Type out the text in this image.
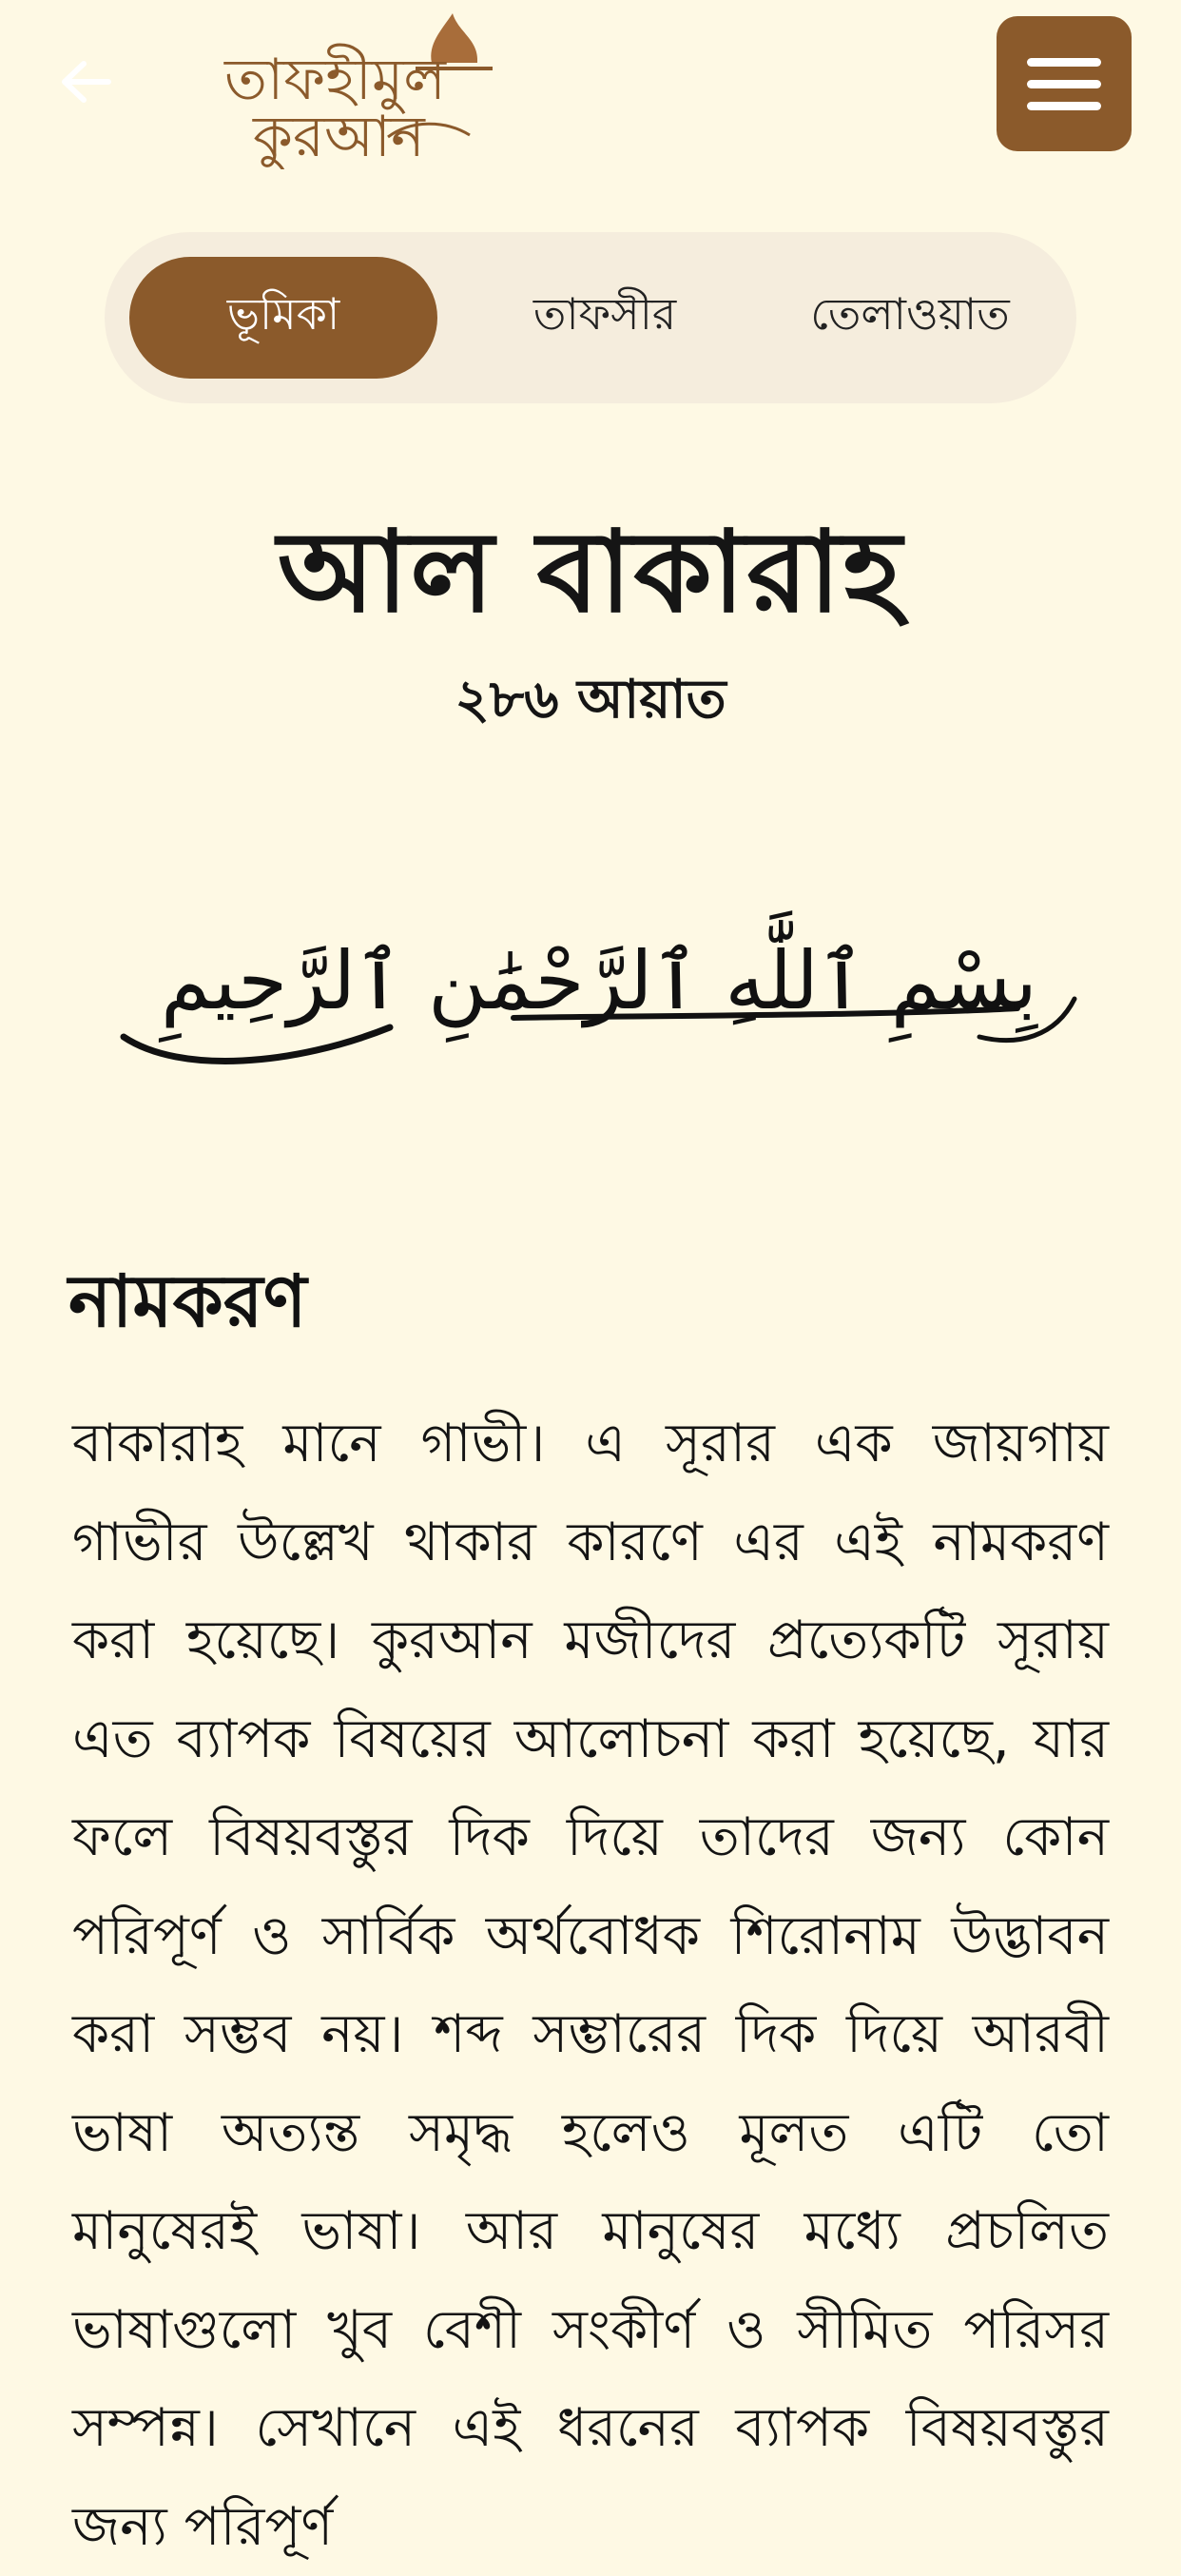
তাফহীমুল
কুরআন
ভূমিকা	তাফসীর	তেলাওয়াত
আল বাকারাহ
২৮৬ আয়াত
بِسْمِ ٱللَّٰهِ ٱلرَّحْمَٰنِ ٱلرَّحِيمِ
নামকরণ

বাকারাহ মানে গাভী। এ সূরার এক জায়গায় গাভীর উল্লেখ থাকার কারণে এর এই নামকরণ করা হয়েছে। কুরআন মজীদের প্রত্যেকটি সূরায় এত ব্যাপক বিষয়ের আলোচনা করা হয়েছে, যার ফলে বিষয়বস্তুর দিক দিয়ে তাদের জন্য কোন পরিপূর্ণ ও সার্বিক অর্থবোধক শিরোনাম উদ্ভাবন করা সম্ভব নয়। শব্দ সম্ভারের দিক দিয়ে আরবী ভাষা অত্যন্ত সমৃদ্ধ হলেও মূলত এটি তো মানুষেরই ভাষা। আর মানুষের মধ্যে প্রচলিত ভাষাগুলো খুব বেশী সংকীর্ণ ও সীমিত পরিসর সম্পন্ন। সেখানে এই ধরনের ব্যাপক বিষয়বস্তুর জন্য পরিপূর্ণ
